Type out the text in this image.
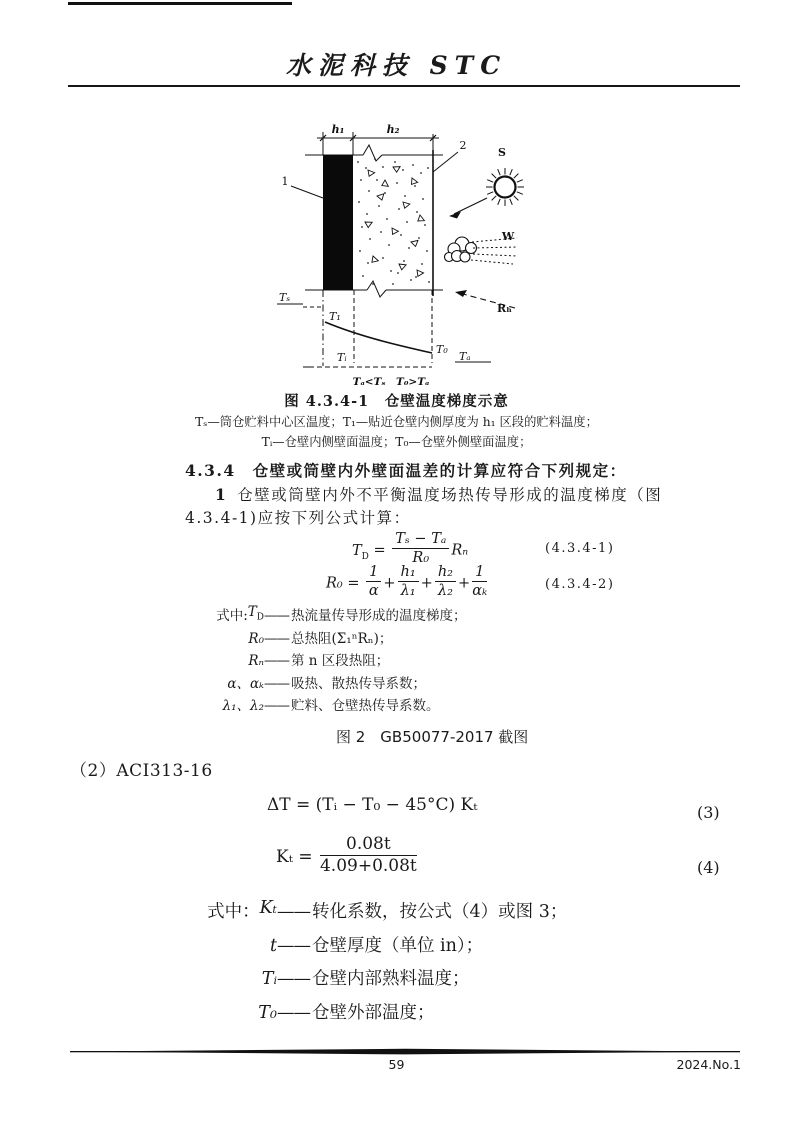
水泥科技 STC
h₁	h₂
1
2
S
W
Rₕ
Tₛ
T₁
T₀
Tᵢ	Tₐ
Tₐ<Tₛ　T₀>Tₐ
图 4.3.4-1　仓壁温度梯度示意
Tₛ—筒仓贮料中心区温度；T₁—贴近仓壁内侧厚度为 h₁ 区段的贮料温度；
Tᵢ—仓壁内侧壁面温度；T₀—仓壁外侧壁面温度；
4.3.4　仓壁或筒壁内外壁面温差的计算应符合下列规定：
1 仓壁或筒壁内外不平衡温度场热传导形成的温度梯度（图
4.3.4-1)应按下列公式计算：
$T_D = \frac{\text{Tₛ − Tₐ}}{\text{R₀}}$ Rₙ	(4.3.4-1)
$R_0 = \frac{1}{\alpha} + \frac{\text{h₁}}{\text{λ₁}} + \frac{\text{h₂}}{\text{λ₂}} + \frac{1}{\text{αₖ}}$	(4.3.4-2)
式中: $T_D$ —— 热流量传导形成的温度梯度；
R₀ —— 总热阻(Σ₁ⁿRₙ)；
Rₙ —— 第 n 区段热阻；
α、αₖ —— 吸热、散热传导系数；
λ₁、λ₂ —— 贮料、仓壁热传导系数。
图 2　GB50077-2017 截图
（2）ACI313-16
ΔT = (Tᵢ − T₀ − 45°C) Kₜ	(3)
$K_t = \frac{0.08t}{4.09+0.08t}$	(4)
式中： Kₜ —— 转化系数，按公式（4）或图 3；
t —— 仓壁厚度（单位 in）；
Tᵢ —— 仓壁内部熟料温度；
T₀ —— 仓壁外部温度；
59	2024.No.1
